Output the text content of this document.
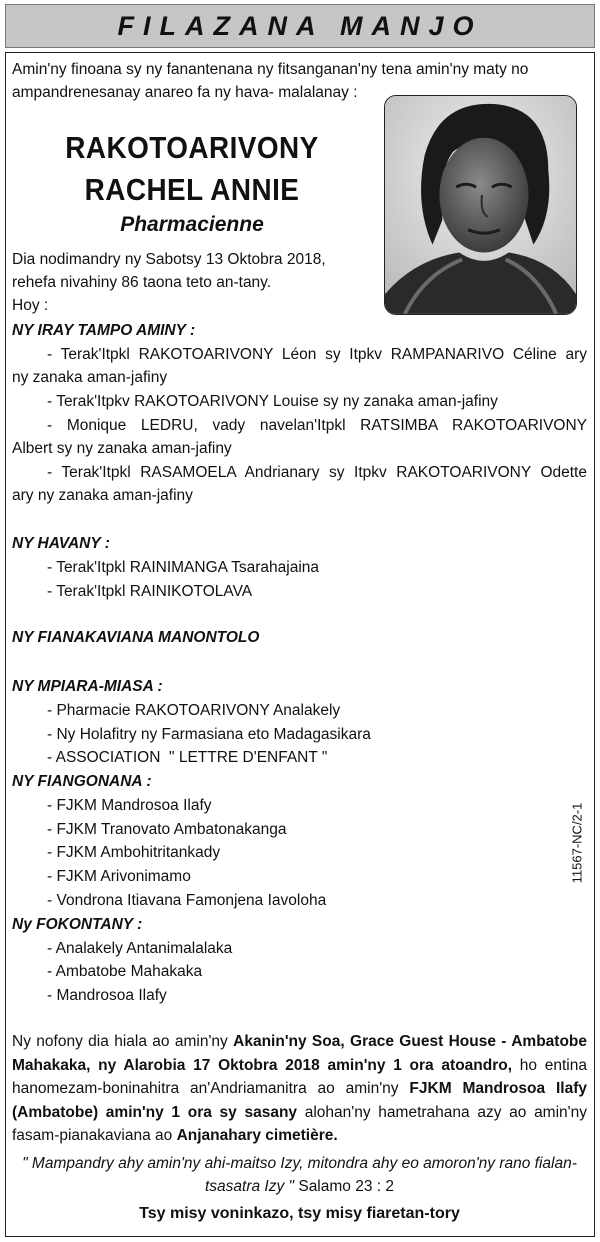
FILAZANA MANJO
Amin'ny finoana sy ny fanantenana ny fitsanganan'ny tena amin'ny maty no ampandrenesanay anareo fa ny hava- malalanay :
RAKOTOARIVONY
RACHEL ANNIE
Pharmacienne
Dia nodimandry ny Sabotsy 13 Oktobra 2018,
rehefa nivahiny 86 taona teto an-tany.
Hoy :
NY IRAY TAMPO AMINY :
- Terak'Itpkl RAKOTOARIVONY Léon sy Itpkv RAMPANARIVO Céline ary
ny zanaka aman-jafiny
- Terak'Itpkv RAKOTOARIVONY Louise sy ny zanaka aman-jafiny
- Monique LEDRU, vady navelan'Itpkl RATSIMBA RAKOTOARIVONY
Albert sy ny zanaka aman-jafiny
- Terak'Itpkl RASAMOELA Andrianary sy Itpkv RAKOTOARIVONY Odette
ary ny zanaka aman-jafiny
NY HAVANY :
- Terak'Itpkl RAINIMANGA Tsarahajaina
- Terak'Itpkl RAINIKOTOLAVA
NY FIANAKAVIANA MANONTOLO
NY MPIARA-MIASA :
- Pharmacie RAKOTOARIVONY Analakely
- Ny Holafitry ny Farmasiana eto Madagasikara
- ASSOCIATION  " LETTRE D'ENFANT "
NY FIANGONANA :
- FJKM Mandrosoa Ilafy
- FJKM Tranovato Ambatonakanga
- FJKM Ambohitritankady
- FJKM Arivonimamo
- Vondrona Itiavana Famonjena Iavoloha
Ny FOKONTANY :
- Analakely Antanimalalaka
- Ambatobe Mahakaka
- Mandrosoa Ilafy
11567-NC/2-1
Ny nofony dia hiala ao amin'ny Akanin'ny Soa, Grace Guest House - Ambatobe Mahakaka, ny Alarobia 17 Oktobra 2018 amin'ny 1 ora atoandro, ho entina hanomezam-boninahitra an'Andriamanitra ao amin'ny FJKM Mandrosoa Ilafy (Ambatobe) amin'ny 1 ora sy sasany alohan'ny hametrahana azy ao amin'ny fasam-pianakaviana ao Anjanahary cimetière.
" Mampandry ahy amin'ny ahi-maitso Izy, mitondra ahy eo amoron'ny rano fialan-tsasatra Izy " Salamo 23 : 2
Tsy misy voninkazo, tsy misy fiaretan-tory
